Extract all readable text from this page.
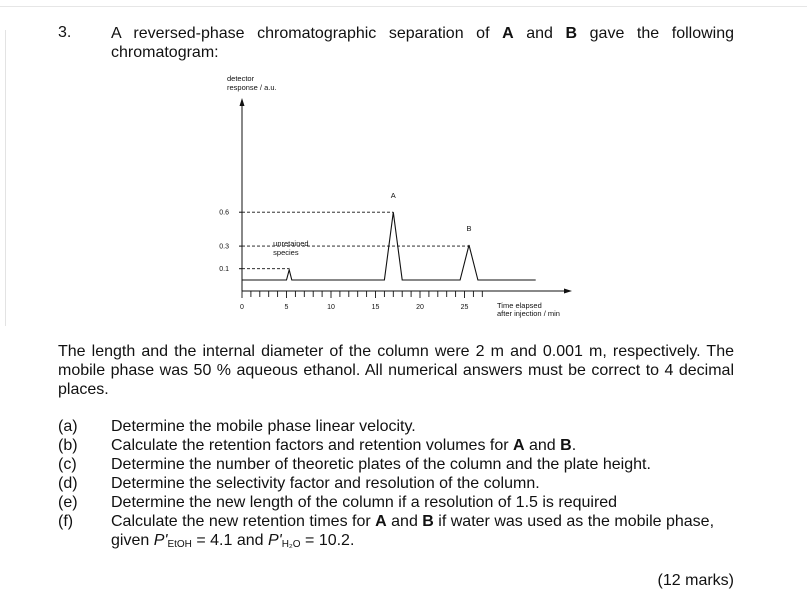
3. A reversed-phase chromatographic separation of A and B gave the following chromatogram:
detector
response / a.u.
0.6
0.3
0.1
0	5	10	15	20	25
unretained
species
A
B
Time elapsed
after injection / min
The length and the internal diameter of the column were 2 m and 0.001 m, respectively. The mobile phase was 50 % aqueous ethanol. All numerical answers must be correct to 4 decimal places.
(a)	Determine the mobile phase linear velocity.
(b)	Calculate the retention factors and retention volumes for A and B.
(c)	Determine the number of theoretic plates of the column and the plate height.
(d)	Determine the selectivity factor and resolution of the column.
(e)	Determine the new length of the column if a resolution of 1.5 is required
(f)	Calculate the new retention times for A and B if water was used as the mobile phase,
given P'EtOH = 4.1 and P'H₂O = 10.2.
(12 marks)
